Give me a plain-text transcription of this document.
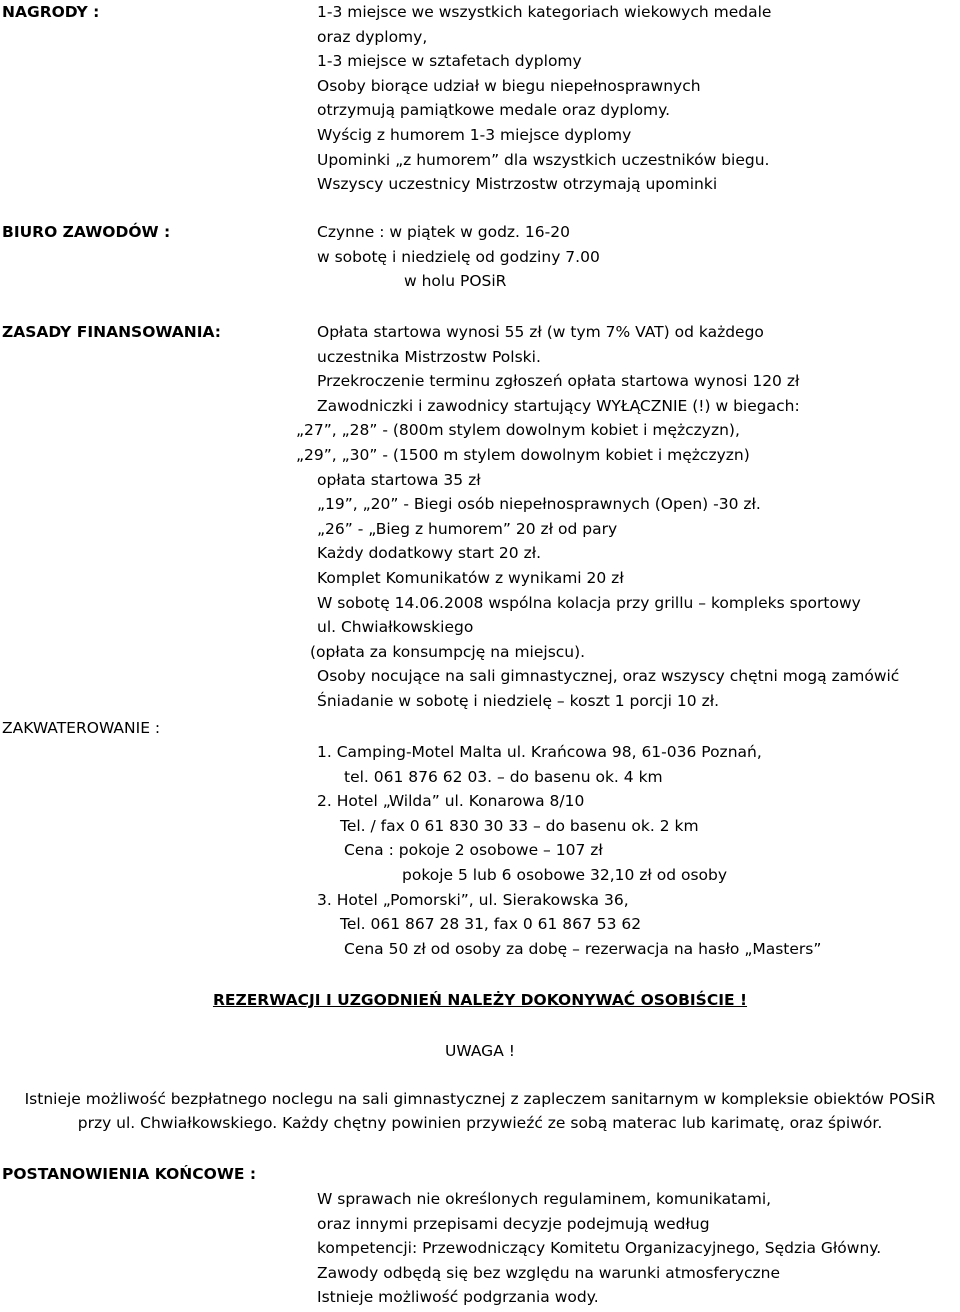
NAGRODY :	1-3 miejsce we wszystkich kategoriach wiekowych medale
oraz dyplomy,
1-3 miejsce w sztafetach dyplomy
Osoby biorące udział w biegu niepełnosprawnych
otrzymują pamiątkowe medale oraz dyplomy.
Wyścig z humorem 1-3 miejsce dyplomy
Upominki „z humorem” dla wszystkich uczestników biegu.
Wszyscy uczestnicy Mistrzostw otrzymają upominki
BIURO ZAWODÓW :	Czynne : w piątek w godz. 16-20
w sobotę i niedzielę od godziny 7.00
w holu POSiR
ZASADY FINANSOWANIA:	Opłata startowa wynosi 55 zł (w tym 7% VAT) od każdego
uczestnika Mistrzostw Polski.
Przekroczenie terminu zgłoszeń opłata startowa wynosi 120 zł
Zawodniczki i zawodnicy startujący WYŁĄCZNIE (!) w biegach:
„27”, „28” - (800m stylem dowolnym kobiet i mężczyzn),
„29”, „30” - (1500 m stylem dowolnym kobiet i mężczyzn)
opłata startowa 35 zł
„19”, „20” - Biegi osób niepełnosprawnych (Open) -30 zł.
„26” - „Bieg z humorem” 20 zł od pary
Każdy dodatkowy start 20 zł.
Komplet Komunikatów z wynikami 20 zł
W sobotę 14.06.2008 wspólna kolacja przy grillu – kompleks sportowy
ul. Chwiałkowskiego
(opłata za konsumpcję na miejscu).
Osoby nocujące na sali gimnastycznej, oraz wszyscy chętni mogą zamówić
Śniadanie w sobotę i niedzielę – koszt 1 porcji 10 zł.
ZAKWATEROWANIE :
1. Camping-Motel Malta ul. Krańcowa 98, 61-036 Poznań,
tel. 061 876 62 03. – do basenu ok. 4 km
2. Hotel „Wilda” ul. Konarowa 8/10
Tel. / fax 0 61 830 30 33 – do basenu ok. 2 km
Cena : pokoje 2 osobowe – 107 zł
pokoje 5 lub 6 osobowe 32,10 zł od osoby
3. Hotel „Pomorski”, ul. Sierakowska 36,
Tel. 061 867 28 31, fax 0 61 867 53 62
Cena 50 zł od osoby za dobę – rezerwacja na hasło „Masters”
REZERWACJI I UZGODNIEŃ NALEŻY DOKONYWAĆ OSOBIŚCIE !
UWAGA !
Istnieje możliwość bezpłatnego noclegu na sali gimnastycznej z zapleczem sanitarnym w kompleksie obiektów POSiR
przy ul. Chwiałkowskiego. Każdy chętny powinien przywieźć ze sobą materac lub karimatę, oraz śpiwór.
POSTANOWIENIA KOŃCOWE :
W sprawach nie określonych regulaminem, komunikatami,
oraz innymi przepisami decyzje podejmują według
kompetencji: Przewodniczący Komitetu Organizacyjnego, Sędzia Główny.
Zawody odbędą się bez względu na warunki atmosferyczne
Istnieje możliwość podgrzania wody.
